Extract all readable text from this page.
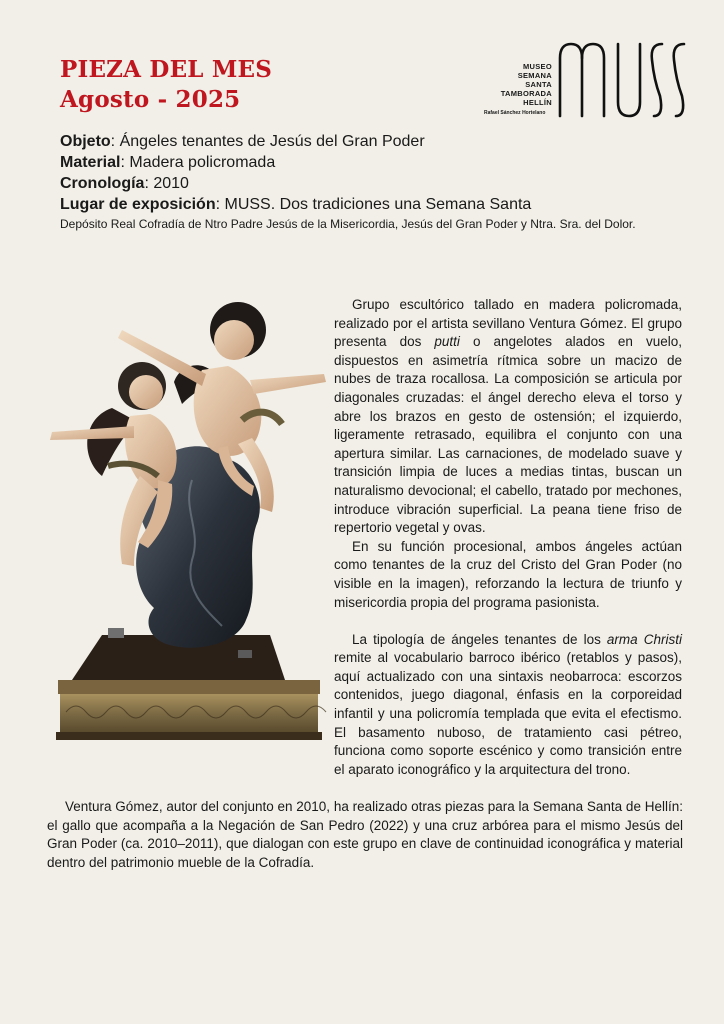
PIEZA DEL MES
Agosto - 2025
MUSEO
SEMANA
SANTA
TAMBORADA
HELLÍN
Rafael Sánchez Hortelano
Objeto: Ángeles tenantes de Jesús del Gran Poder
Material: Madera policromada
Cronología: 2010
Lugar de exposición: MUSS. Dos tradiciones una Semana Santa
Depósito Real Cofradía de Ntro Padre Jesús de la Misericordia, Jesús del Gran Poder y Ntra. Sra. del Dolor.

Grupo escultórico tallado en madera policromada, realizado por el artista sevillano Ventura Gómez. El grupo presenta dos putti o angelotes alados en vuelo, dispuestos en asimetría rítmica sobre un macizo de nubes de traza rocallosa. La composición se articula por diagonales cruzadas: el ángel derecho eleva el torso y abre los brazos en gesto de ostensión; el izquierdo, ligeramente retrasado, equilibra el conjunto con una apertura similar. Las carnaciones, de modelado suave y transición limpia de luces a medias tintas, buscan un naturalismo devocional; el cabello, tratado por mechones, introduce vibración superficial. La peana tiene friso de repertorio vegetal y ovas.

En su función procesional, ambos ángeles actúan como tenantes de la cruz del Cristo del Gran Poder (no visible en la imagen), reforzando la lectura de triunfo y misericordia propia del programa pasionista.

La tipología de ángeles tenantes de los arma Christi remite al vocabulario barroco ibérico (retablos y pasos), aquí actualizado con una sintaxis neobarroca: escorzos contenidos, juego diagonal, énfasis en la corporeidad infantil y una policromía templada que evita el efectismo. El basamento nuboso, de tratamiento casi pétreo, funciona como soporte escénico y como transición entre el aparato iconográfico y la arquitectura del trono.

Ventura Gómez, autor del conjunto en 2010, ha realizado otras piezas para la Semana Santa de Hellín: el gallo que acompaña a la Negación de San Pedro (2022) y una cruz arbórea para el mismo Jesús del Gran Poder (ca. 2010–2011), que dialogan con este grupo en clave de continuidad iconográfica y material dentro del patrimonio mueble de la Cofradía.
